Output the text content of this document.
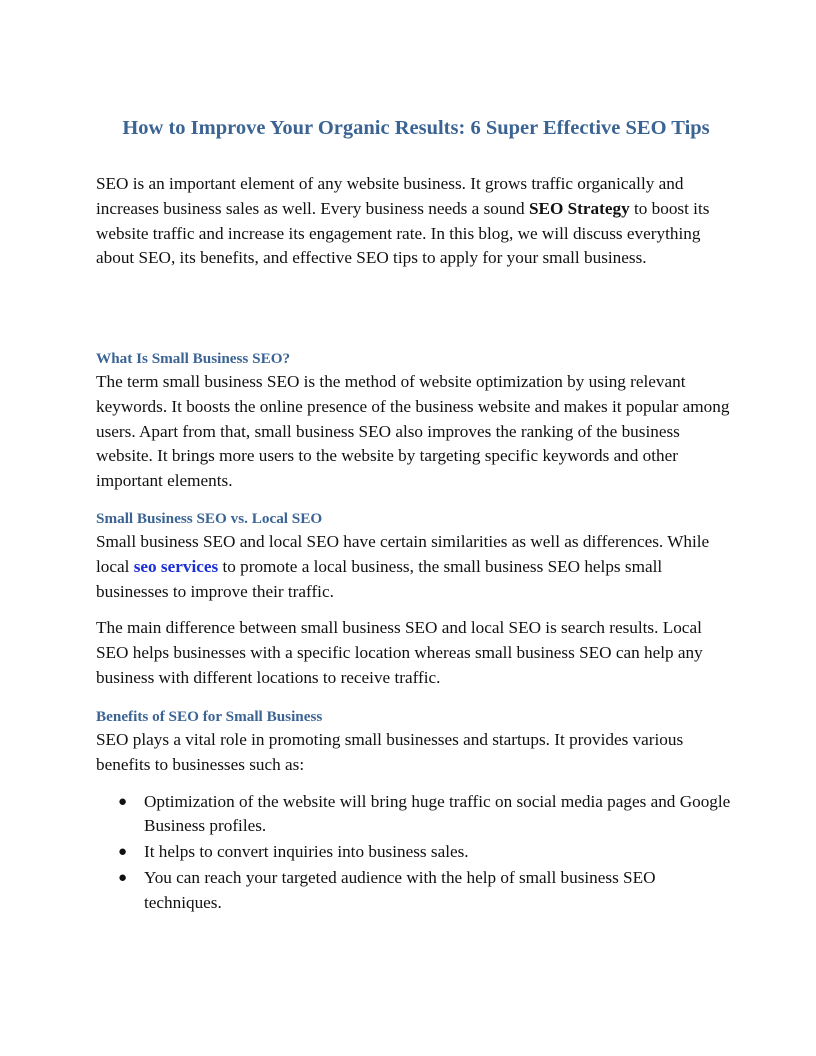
How to Improve Your Organic Results: 6 Super Effective SEO Tips

SEO is an important element of any website business. It grows traffic organically and increases business sales as well. Every business needs a sound SEO Strategy to boost its website traffic and increase its engagement rate. In this blog, we will discuss everything about SEO, its benefits, and effective SEO tips to apply for your small business.

What Is Small Business SEO?

The term small business SEO is the method of website optimization by using relevant keywords. It boosts the online presence of the business website and makes it popular among users. Apart from that, small business SEO also improves the ranking of the business website. It brings more users to the website by targeting specific keywords and other important elements.

Small Business SEO vs. Local SEO

Small business SEO and local SEO have certain similarities as well as differences. While local seo services to promote a local business, the small business SEO helps small businesses to improve their traffic.

The main difference between small business SEO and local SEO is search results. Local SEO helps businesses with a specific location whereas small business SEO can help any business with different locations to receive traffic.

Benefits of SEO for Small Business

SEO plays a vital role in promoting small businesses and startups. It provides various benefits to businesses such as:

● Optimization of the website will bring huge traffic on social media pages and Google Business profiles.
● It helps to convert inquiries into business sales.
● You can reach your targeted audience with the help of small business SEO techniques.
